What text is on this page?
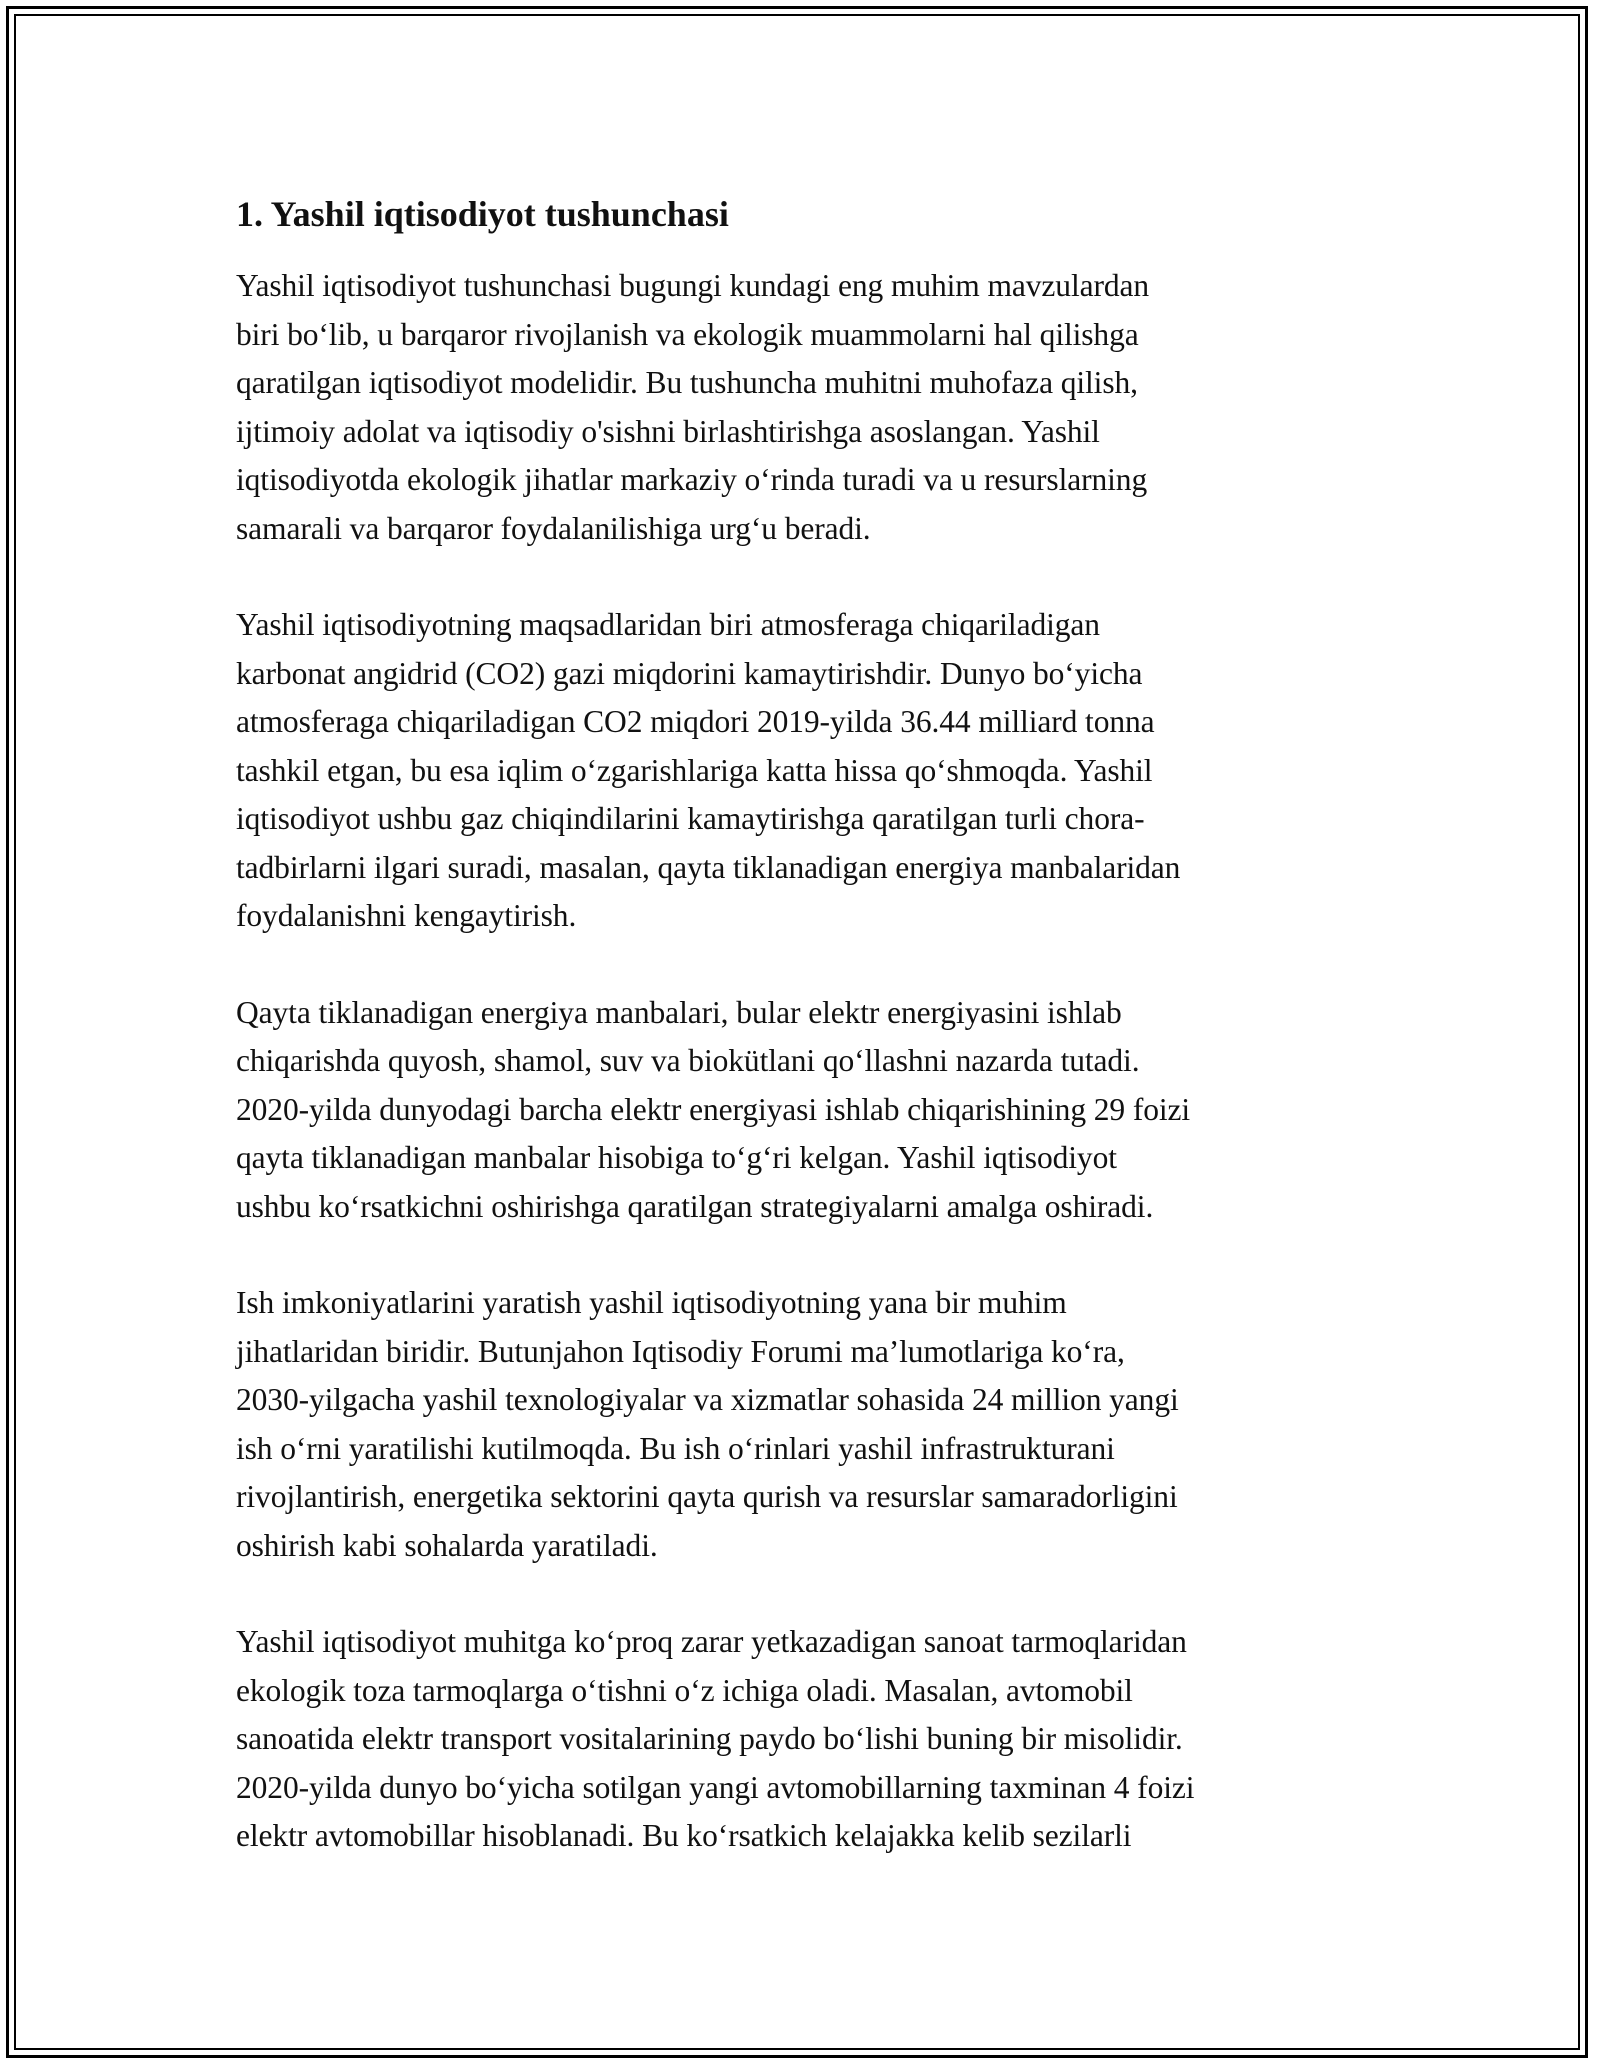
1. Yashil iqtisodiyot tushunchasi
Yashil iqtisodiyot tushunchasi bugungi kundagi eng muhim mavzulardan
biri bo‘lib, u barqaror rivojlanish va ekologik muammolarni hal qilishga
qaratilgan iqtisodiyot modelidir. Bu tushuncha muhitni muhofaza qilish,
ijtimoiy adolat va iqtisodiy o'sishni birlashtirishga asoslangan. Yashil
iqtisodiyotda ekologik jihatlar markaziy o‘rinda turadi va u resurslarning
samarali va barqaror foydalanilishiga urg‘u beradi.
Yashil iqtisodiyotning maqsadlaridan biri atmosferaga chiqariladigan
karbonat angidrid (CO2) gazi miqdorini kamaytirishdir. Dunyo bo‘yicha
atmosferaga chiqariladigan CO2 miqdori 2019-yilda 36.44 milliard tonna
tashkil etgan, bu esa iqlim o‘zgarishlariga katta hissa qo‘shmoqda. Yashil
iqtisodiyot ushbu gaz chiqindilarini kamaytirishga qaratilgan turli chora-
tadbirlarni ilgari suradi, masalan, qayta tiklanadigan energiya manbalaridan
foydalanishni kengaytirish.
Qayta tiklanadigan energiya manbalari, bular elektr energiyasini ishlab
chiqarishda quyosh, shamol, suv va biokütlani qo‘llashni nazarda tutadi.
2020-yilda dunyodagi barcha elektr energiyasi ishlab chiqarishining 29 foizi
qayta tiklanadigan manbalar hisobiga to‘g‘ri kelgan. Yashil iqtisodiyot
ushbu ko‘rsatkichni oshirishga qaratilgan strategiyalarni amalga oshiradi.
Ish imkoniyatlarini yaratish yashil iqtisodiyotning yana bir muhim
jihatlaridan biridir. Butunjahon Iqtisodiy Forumi ma’lumotlariga ko‘ra,
2030-yilgacha yashil texnologiyalar va xizmatlar sohasida 24 million yangi
ish o‘rni yaratilishi kutilmoqda. Bu ish o‘rinlari yashil infrastrukturani
rivojlantirish, energetika sektorini qayta qurish va resurslar samaradorligini
oshirish kabi sohalarda yaratiladi.
Yashil iqtisodiyot muhitga ko‘proq zarar yetkazadigan sanoat tarmoqlaridan
ekologik toza tarmoqlarga o‘tishni o‘z ichiga oladi. Masalan, avtomobil
sanoatida elektr transport vositalarining paydo bo‘lishi buning bir misolidir.
2020-yilda dunyo bo‘yicha sotilgan yangi avtomobillarning taxminan 4 foizi
elektr avtomobillar hisoblanadi. Bu ko‘rsatkich kelajakka kelib sezilarli
